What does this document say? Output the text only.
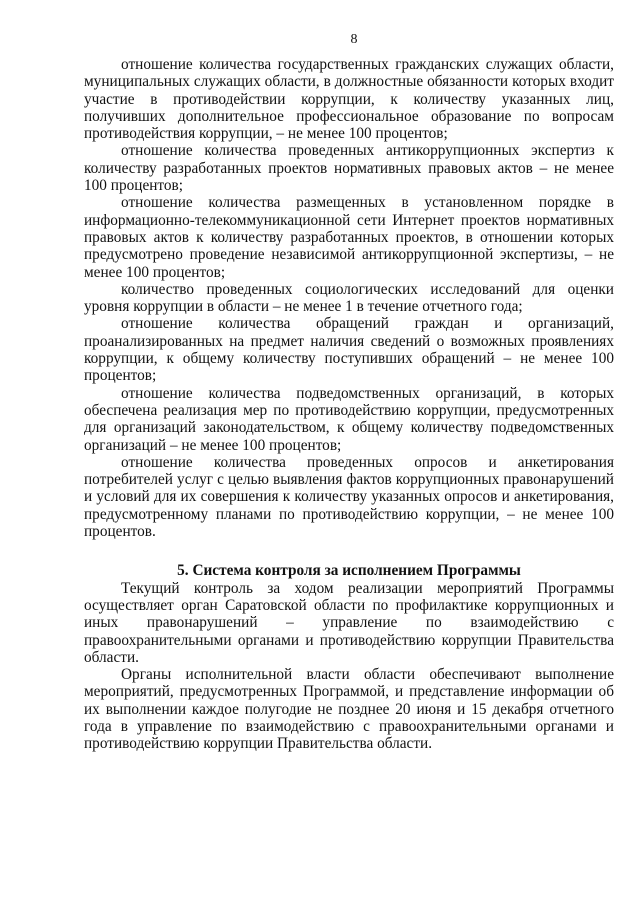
8

отношение количества государственных гражданских служащих области, муниципальных служащих области, в должностные обязанности которых входит участие в противодействии коррупции, к количеству указанных лиц, получивших дополнительное профессиональное образование по вопросам противодействия коррупции, – не менее 100 процентов;

отношение количества проведенных антикоррупционных экспертиз к количеству разработанных проектов нормативных правовых актов – не менее 100 процентов;

отношение количества размещенных в установленном порядке в информационно-телекоммуникационной сети Интернет проектов нормативных правовых актов к количеству разработанных проектов, в отношении которых предусмотрено проведение независимой антикоррупционной экспертизы, – не менее 100 процентов;

количество проведенных социологических исследований для оценки уровня коррупции в области – не менее 1 в течение отчетного года;

отношение количества обращений граждан и организаций, проанализированных на предмет наличия сведений о возможных проявлениях коррупции, к общему количеству поступивших обращений – не менее 100 процентов;

отношение количества подведомственных организаций, в которых обеспечена реализация мер по противодействию коррупции, предусмотренных для организаций законодательством, к общему количеству подведомственных организаций – не менее 100 процентов;

отношение количества проведенных опросов и анкетирования потребителей услуг с целью выявления фактов коррупционных правонарушений и условий для их совершения к количеству указанных опросов и анкетирования, предусмотренному планами по противодействию коррупции, – не менее 100 процентов.

5. Система контроля за исполнением Программы

Текущий контроль за ходом реализации мероприятий Программы осуществляет орган Саратовской области по профилактике коррупционных и иных правонарушений – управление по взаимодействию с правоохранительными органами и противодействию коррупции Правительства области.

Органы исполнительной власти области обеспечивают выполнение мероприятий, предусмотренных Программой, и представление информации об их выполнении каждое полугодие не позднее 20 июня и 15 декабря отчетного года в управление по взаимодействию с правоохранительными органами и противодействию коррупции Правительства области.
